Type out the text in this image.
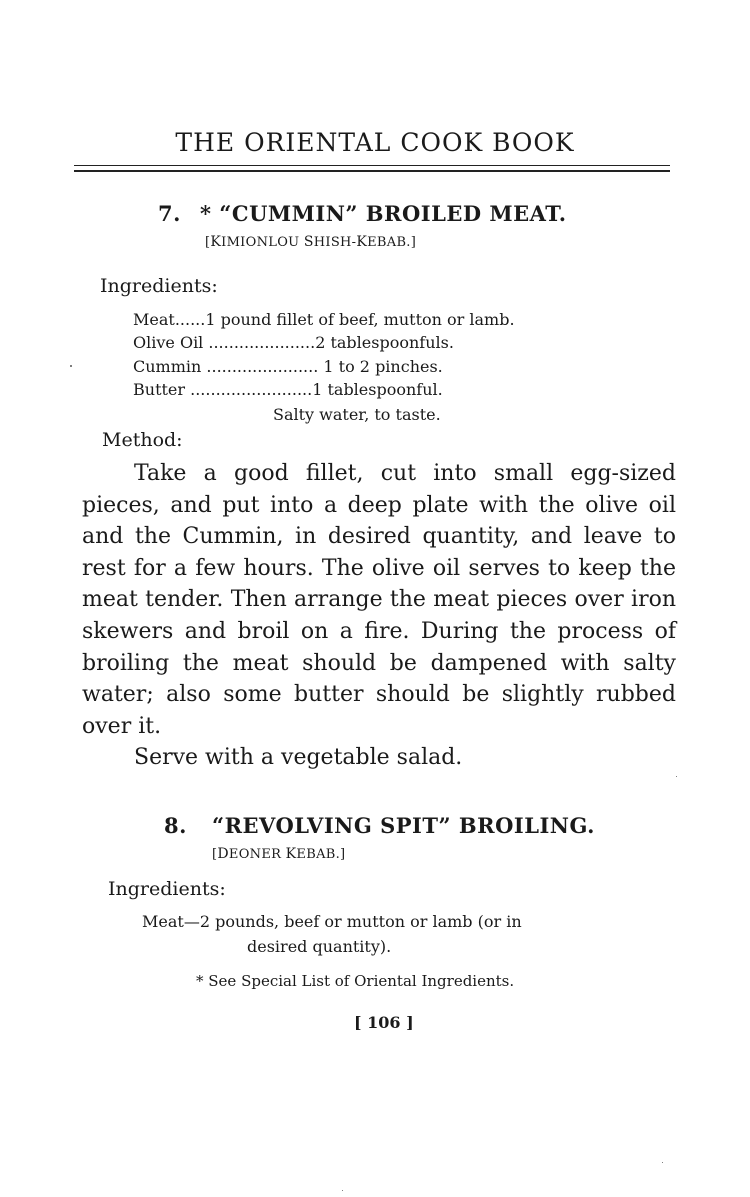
THE ORIENTAL COOK BOOK
7. * “CUMMIN” BROILED MEAT.
[KIMIONLOU SHISH-KEBAB.]
Ingredients:
Meat......1 pound fillet of beef, mutton or lamb.
Olive Oil .....................2 tablespoonfuls.
Cummin ...................... 1 to 2 pinches.
Butter ........................1 tablespoonful.
Salty water, to taste.
Method:

Take a good fillet, cut into small egg-sized pieces, and put into a deep plate with the olive oil and the Cummin, in desired quantity, and leave to rest for a few hours. The olive oil serves to keep the meat tender. Then arrange the meat pieces over iron skewers and broil on a fire. During the process of broiling the meat should be dampened with salty water; also some butter should be slightly rubbed over it.

Serve with a vegetable salad.

8. “REVOLVING SPIT” BROILING.
[DEONER KEBAB.]
Ingredients:
Meat—2 pounds, beef or mutton or lamb (or in
desired quantity).
* See Special List of Oriental Ingredients.
[ 106 ]
